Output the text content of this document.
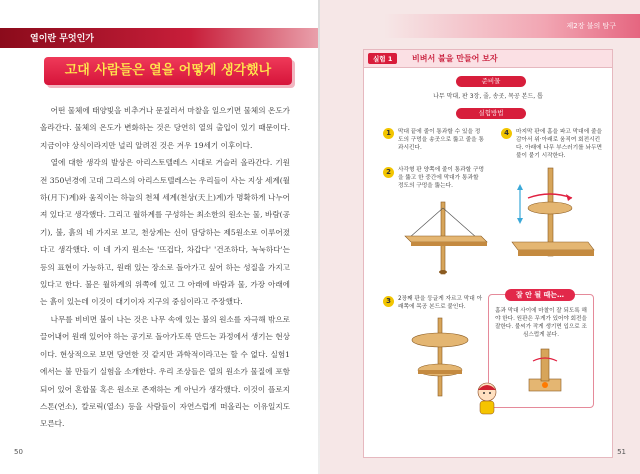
열이란 무엇인가
고대 사람들은 열을 어떻게 생각했나

어떤 물체에 태양빛을 비추거나 문질러서 마찰을 일으키면 물체의 온도가 올라간다. 물체의 온도가 변화하는 것은 당연히 열의 출입이 있기 때문이다. 지금이야 상식이라지만 널리 알려진 것은 겨우 19세기 이후이다.

열에 대한 생각의 발상은 아리스토텔레스 시대로 거슬러 올라간다. 기원전 350년경에 고대 그리스의 아리스토텔레스는 우리들이 사는 지상 세계(월하(月下)계)와 움직이는 하늘의 천체 세계(천상(天上)계)가 명확하게 나누어져 있다고 생각했다. 그리고 월하계를 구성하는 최소한의 원소는 물, 바람(공기), 불, 흙의 네 가지로 보고, 천상계는 신이 담당하는 제5원소로 이루어졌다고 생각했다. 이 네 가지 원소는 '뜨겁다, 차갑다' '건조하다, 눅눅하다'는 등의 표현이 가능하고, 원래 있는 장소로 돌아가고 싶어 하는 성질을 가지고 있다고 한다. 불은 월하계의 위쪽에 있고 그 아래에 바람과 물, 가장 아래에는 흙이 있는데 이것이 대기이자 지구의 중심이라고 주장했다.

나무를 비비면 불이 나는 것은 나무 속에 있는 불의 원소를 자극해 밖으로 끌어내어 원래 있어야 하는 공기로 돌아가도록 만드는 과정에서 생기는 현상이다. 현상적으로 보면 당연한 것 같지만 과학적이라고는 할 수 없다. 실험1에서는 불 만들기 실험을 소개한다. 우리 조상들은 열의 원소가 물질에 포함되어 있어 혼합물 혹은 원소로 존재하는 게 아닌가 생각했다. 이것이 플로지스톤(연소), 칼로릭(열소) 등을 사람들이 자연스럽게 떠올리는 이유일지도 모른다.

50
제2장 불의 탐구
실험 1	비벼서 불을 만들어 보자
준비물
나무 막대, 판 3장, 줄, 송곳, 목공 본드, 톱
실험방법
1	막대 끝에 줄이 통과할 수 있을 정도의 구멍을 송곳으로 뚫고 줄을 통과시킨다.
2	사각형 판 양쪽에 줄이 통과할 구멍을 뚫고 한 중간에 막대가 통과할 정도의 구멍을 뚫는다.
3	2장째 판을 둥글게 자르고 막대 아래쪽에 목공 본드로 붙인다.
4	마지막 판에 홈을 파고 막대에 줄을 감아서 위·아래로 움직여 회전시킨다. 아래에 나무 부스러기를 놔두면 불이 붙기 시작한다.
잘 안 될 때는…
홈과 막대 사이에 마찰이 잘 되도록 해야 한다. 원판은 무게가 있어야 회전을 잘한다. 불씨가 작게 생기면 입으로 조심스럽게 분다.
51
